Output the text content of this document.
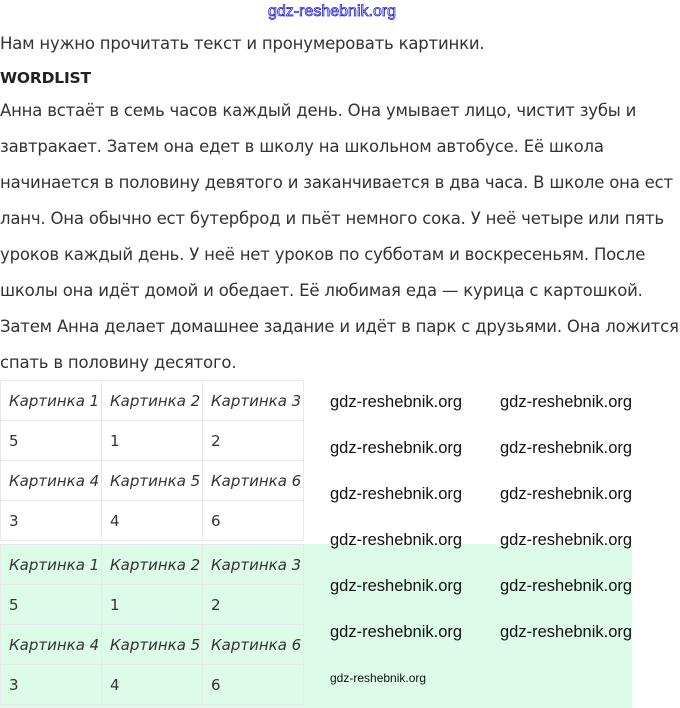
Нам нужно прочитать текст и пронумеровать картинки.
WORDLIST
Анна встаёт в семь часов каждый день. Она умывает лицо, чистит зубы и
завтракает. Затем она едет в школу на школьном автобусе. Её школа
начинается в половину девятого и заканчивается в два часа. В школе она ест
ланч. Она обычно ест бутерброд и пьёт немного сока. У неё четыре или пять
уроков каждый день. У неё нет уроков по субботам и воскресеньям. После
школы она идёт домой и обедает. Её любимая еда — курица с картошкой.
Затем Анна делает домашнее задание и идёт в парк с друзьями. Она ложится
спать в половину десятого.
Картинка 1	Картинка 2	Картинка 3
5	1	2
Картинка 4	Картинка 5	Картинка 6
3	4	6
Картинка 1	Картинка 2	Картинка 3
5	1	2
Картинка 4	Картинка 5	Картинка 6
3	4	6
gdz-reshebnik.org
gdz-reshebnik.org gdz-reshebnik.org
gdz-reshebnik.org gdz-reshebnik.org
gdz-reshebnik.org gdz-reshebnik.org
gdz-reshebnik.org gdz-reshebnik.org
gdz-reshebnik.org gdz-reshebnik.org
gdz-reshebnik.org gdz-reshebnik.org
gdz-reshebnik.org
